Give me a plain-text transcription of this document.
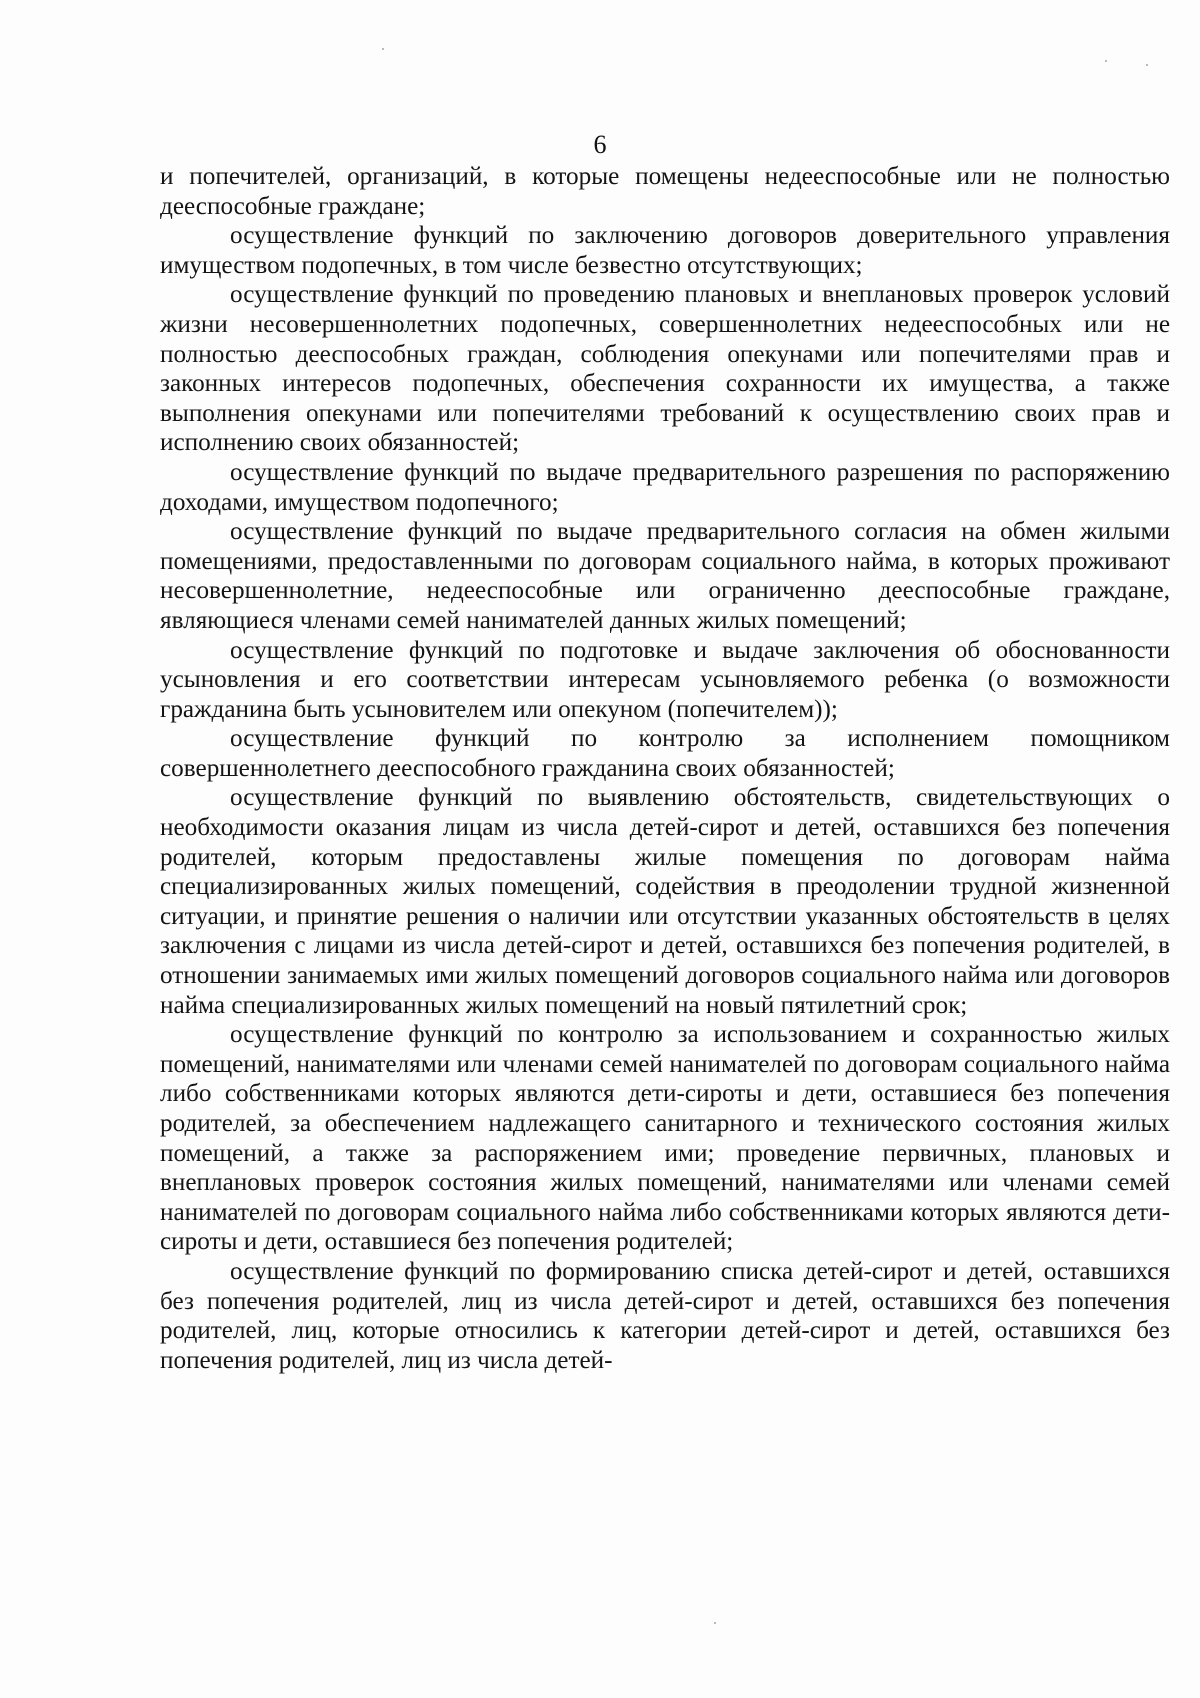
6

и попечителей, организаций, в которые помещены недееспособные или не полностью дееспособные граждане;

осуществление функций по заключению договоров доверительного управления имуществом подопечных, в том числе безвестно отсутствующих;

осуществление функций по проведению плановых и внеплановых проверок условий жизни несовершеннолетних подопечных, совершеннолетних недееспособных или не полностью дееспособных граждан, соблюдения опекунами или попечителями прав и законных интересов подопечных, обеспечения сохранности их имущества, а также выполнения опекунами или попечителями требований к осуществлению своих прав и исполнению своих обязанностей;

осуществление функций по выдаче предварительного разрешения по распоряжению доходами, имуществом подопечного;

осуществление функций по выдаче предварительного согласия на обмен жилыми помещениями, предоставленными по договорам социального найма, в которых проживают несовершеннолетние, недееспособные или ограниченно дееспособные граждане, являющиеся членами семей нанимателей данных жилых помещений;

осуществление функций по подготовке и выдаче заключения об обоснованности усыновления и его соответствии интересам усыновляемого ребенка (о возможности гражданина быть усыновителем или опекуном (попечителем));

осуществление функций по контролю за исполнением помощником совершеннолетнего дееспособного гражданина своих обязанностей;

осуществление функций по выявлению обстоятельств, свидетельствующих о необходимости оказания лицам из числа детей-сирот и детей, оставшихся без попечения родителей, которым предоставлены жилые помещения по договорам найма специализированных жилых помещений, содействия в преодолении трудной жизненной ситуации, и принятие решения о наличии или отсутствии указанных обстоятельств в целях заключения с лицами из числа детей-сирот и детей, оставшихся без попечения родителей, в отношении занимаемых ими жилых помещений договоров социального найма или договоров найма специализированных жилых помещений на новый пятилетний срок;

осуществление функций по контролю за использованием и сохранностью жилых помещений, нанимателями или членами семей нанимателей по договорам социального найма либо собственниками которых являются дети-сироты и дети, оставшиеся без попечения родителей, за обеспечением надлежащего санитарного и технического состояния жилых помещений, а также за распоряжением ими; проведение первичных, плановых и внеплановых проверок состояния жилых помещений, нанимателями или членами семей нанимателей по договорам социального найма либо собственниками которых являются дети-сироты и дети, оставшиеся без попечения родителей;

осуществление функций по формированию списка детей-сирот и детей, оставшихся без попечения родителей, лиц из числа детей-сирот и детей, оставшихся без попечения родителей, лиц, которые относились к категории детей-сирот и детей, оставшихся без попечения родителей, лиц из числа детей-
